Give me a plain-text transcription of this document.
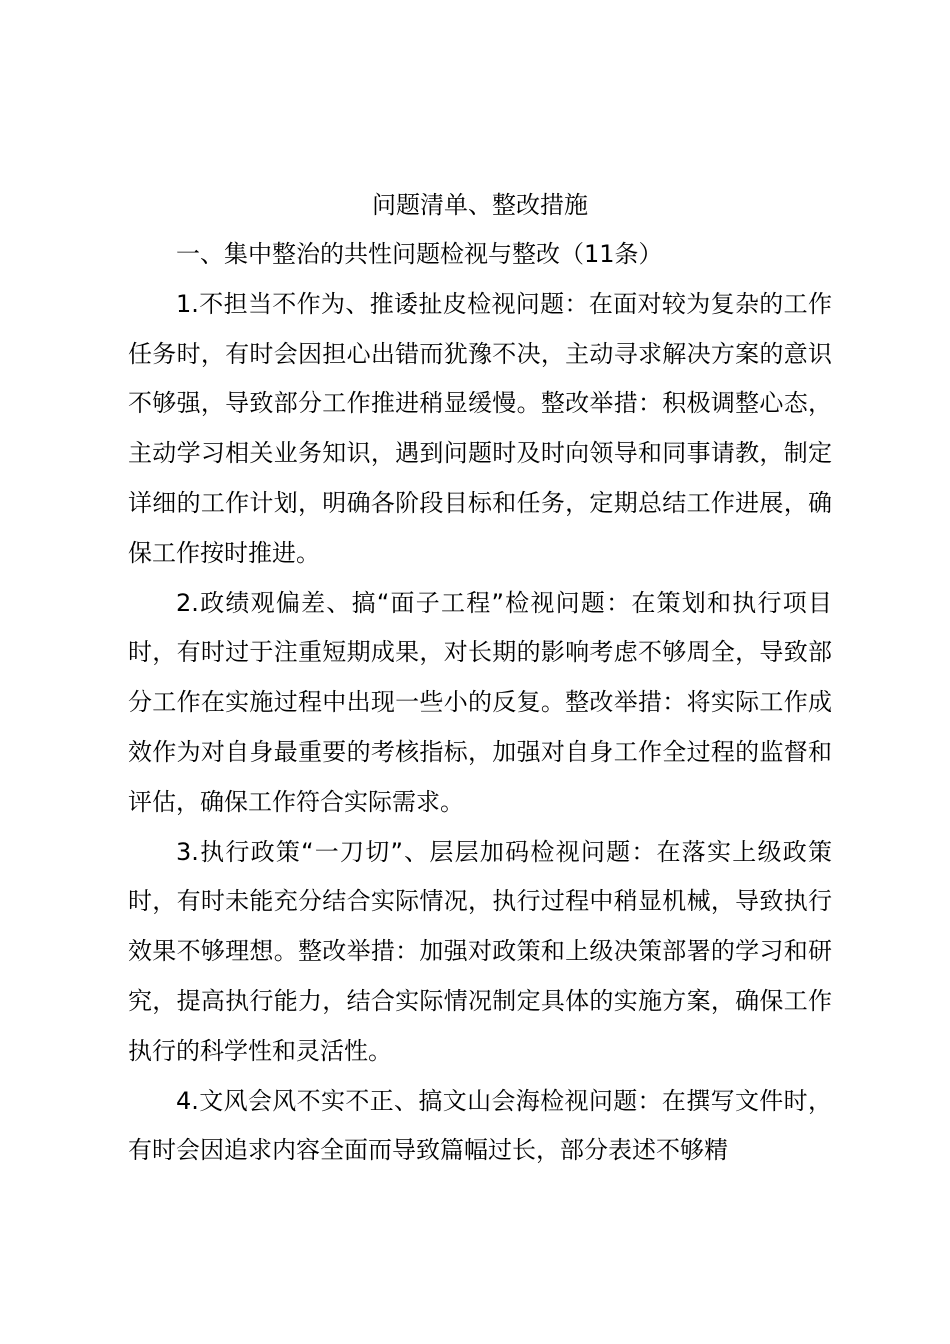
问题清单、整改措施

一、集中整治的共性问题检视与整改（11条）

1.不担当不作为、推诿扯皮检视问题：在面对较为复杂的工作任务时，有时会因担心出错而犹豫不决，主动寻求解决方案的意识不够强，导致部分工作推进稍显缓慢。整改举措：积极调整心态，主动学习相关业务知识，遇到问题时及时向领导和同事请教，制定详细的工作计划，明确各阶段目标和任务，定期总结工作进展，确保工作按时推进。

2.政绩观偏差、搞“面子工程”检视问题：在策划和执行项目时，有时过于注重短期成果，对长期的影响考虑不够周全，导致部分工作在实施过程中出现一些小的反复。整改举措：将实际工作成效作为对自身最重要的考核指标，加强对自身工作全过程的监督和评估，确保工作符合实际需求。

3.执行政策“一刀切”、层层加码检视问题：在落实上级政策时，有时未能充分结合实际情况，执行过程中稍显机械，导致执行效果不够理想。整改举措：加强对政策和上级决策部署的学习和研究，提高执行能力，结合实际情况制定具体的实施方案，确保工作执行的科学性和灵活性。

4.文风会风不实不正、搞文山会海检视问题：在撰写文件时，有时会因追求内容全面而导致篇幅过长，部分表述不够精
